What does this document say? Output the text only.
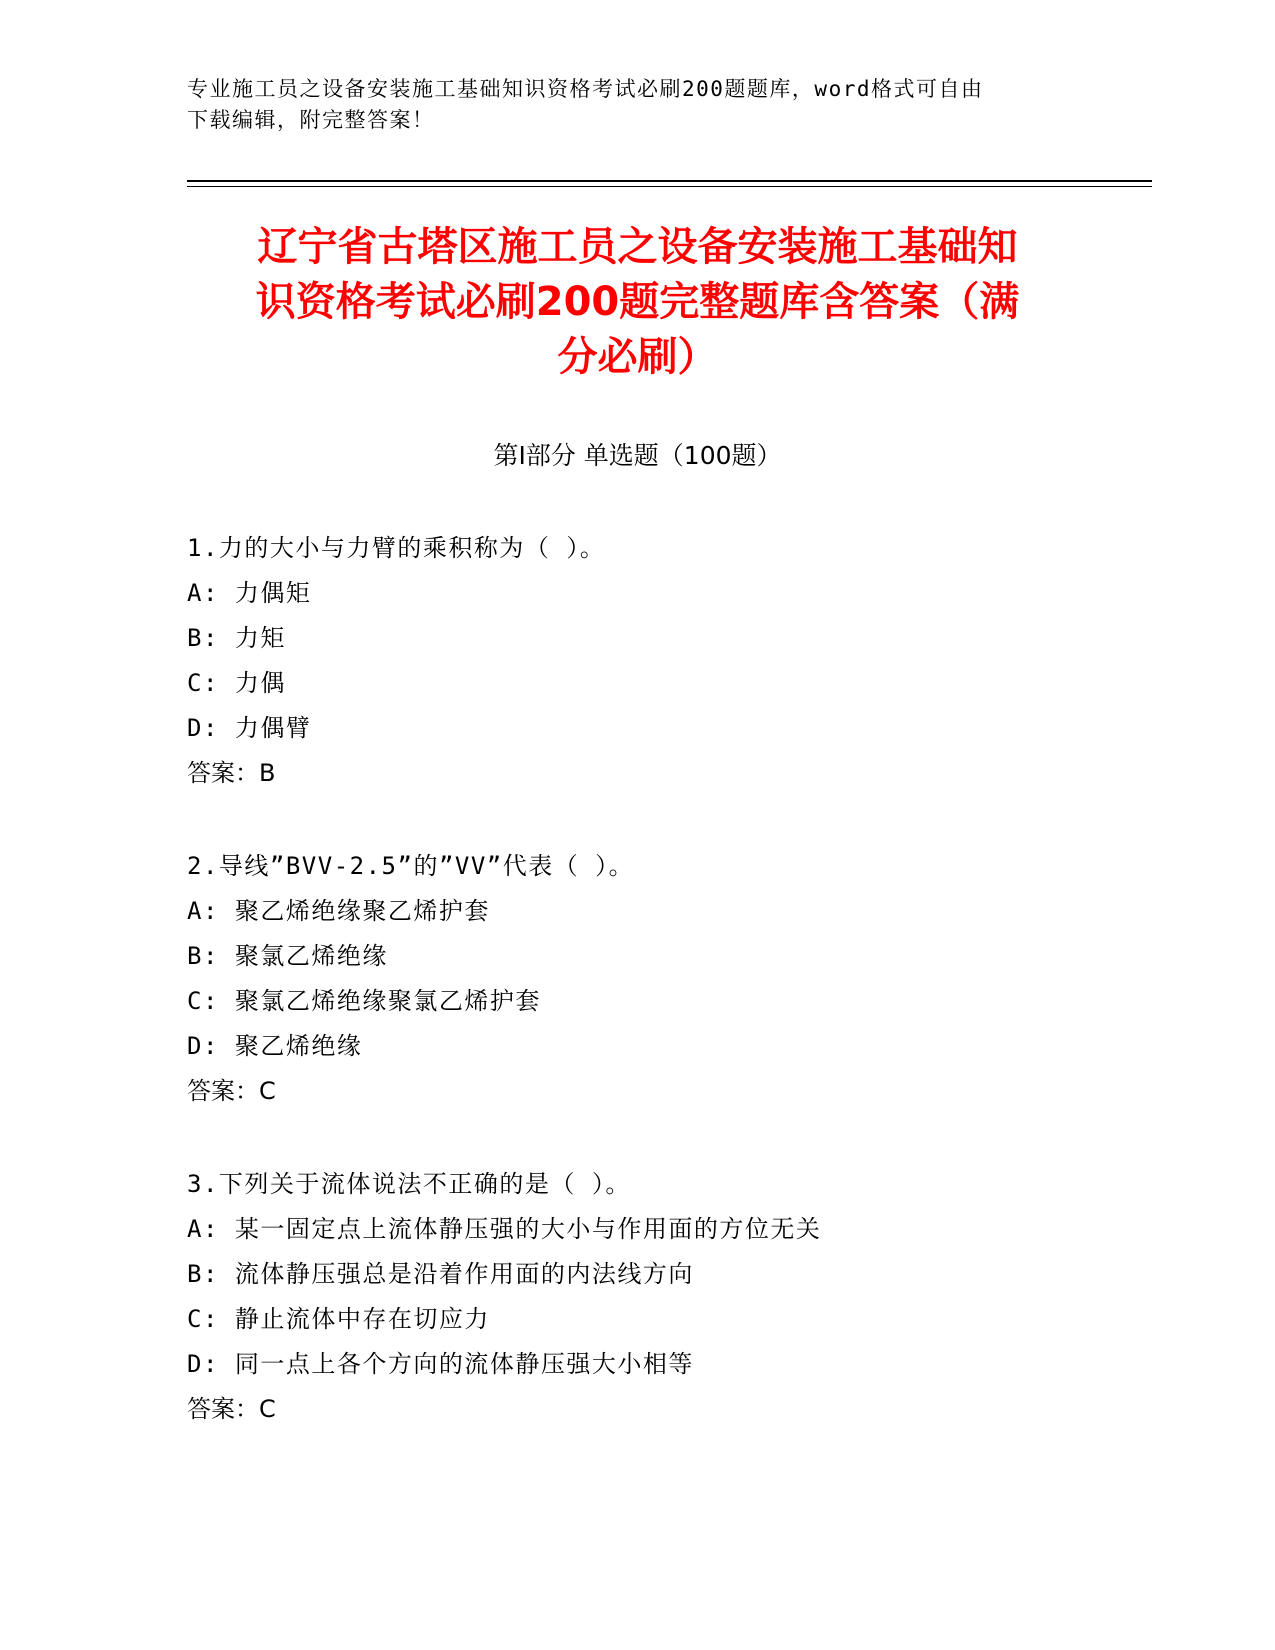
专业施工员之设备安装施工基础知识资格考试必刷200题题库，word格式可自由
下载编辑，附完整答案！
辽宁省古塔区施工员之设备安装施工基础知
识资格考试必刷200题完整题库含答案（满
分必刷）
第Ⅰ部分 单选题（100题）
1.力的大小与力臂的乘积称为（ ）。
A: 力偶矩
B: 力矩
C: 力偶
D: 力偶臂
答案：B
2.导线”BVV-2.5”的”VV”代表（ ）。
A: 聚乙烯绝缘聚乙烯护套
B: 聚氯乙烯绝缘
C: 聚氯乙烯绝缘聚氯乙烯护套
D: 聚乙烯绝缘
答案：C
3.下列关于流体说法不正确的是（ ）。
A: 某一固定点上流体静压强的大小与作用面的方位无关
B: 流体静压强总是沿着作用面的内法线方向
C: 静止流体中存在切应力
D: 同一点上各个方向的流体静压强大小相等
答案：C
